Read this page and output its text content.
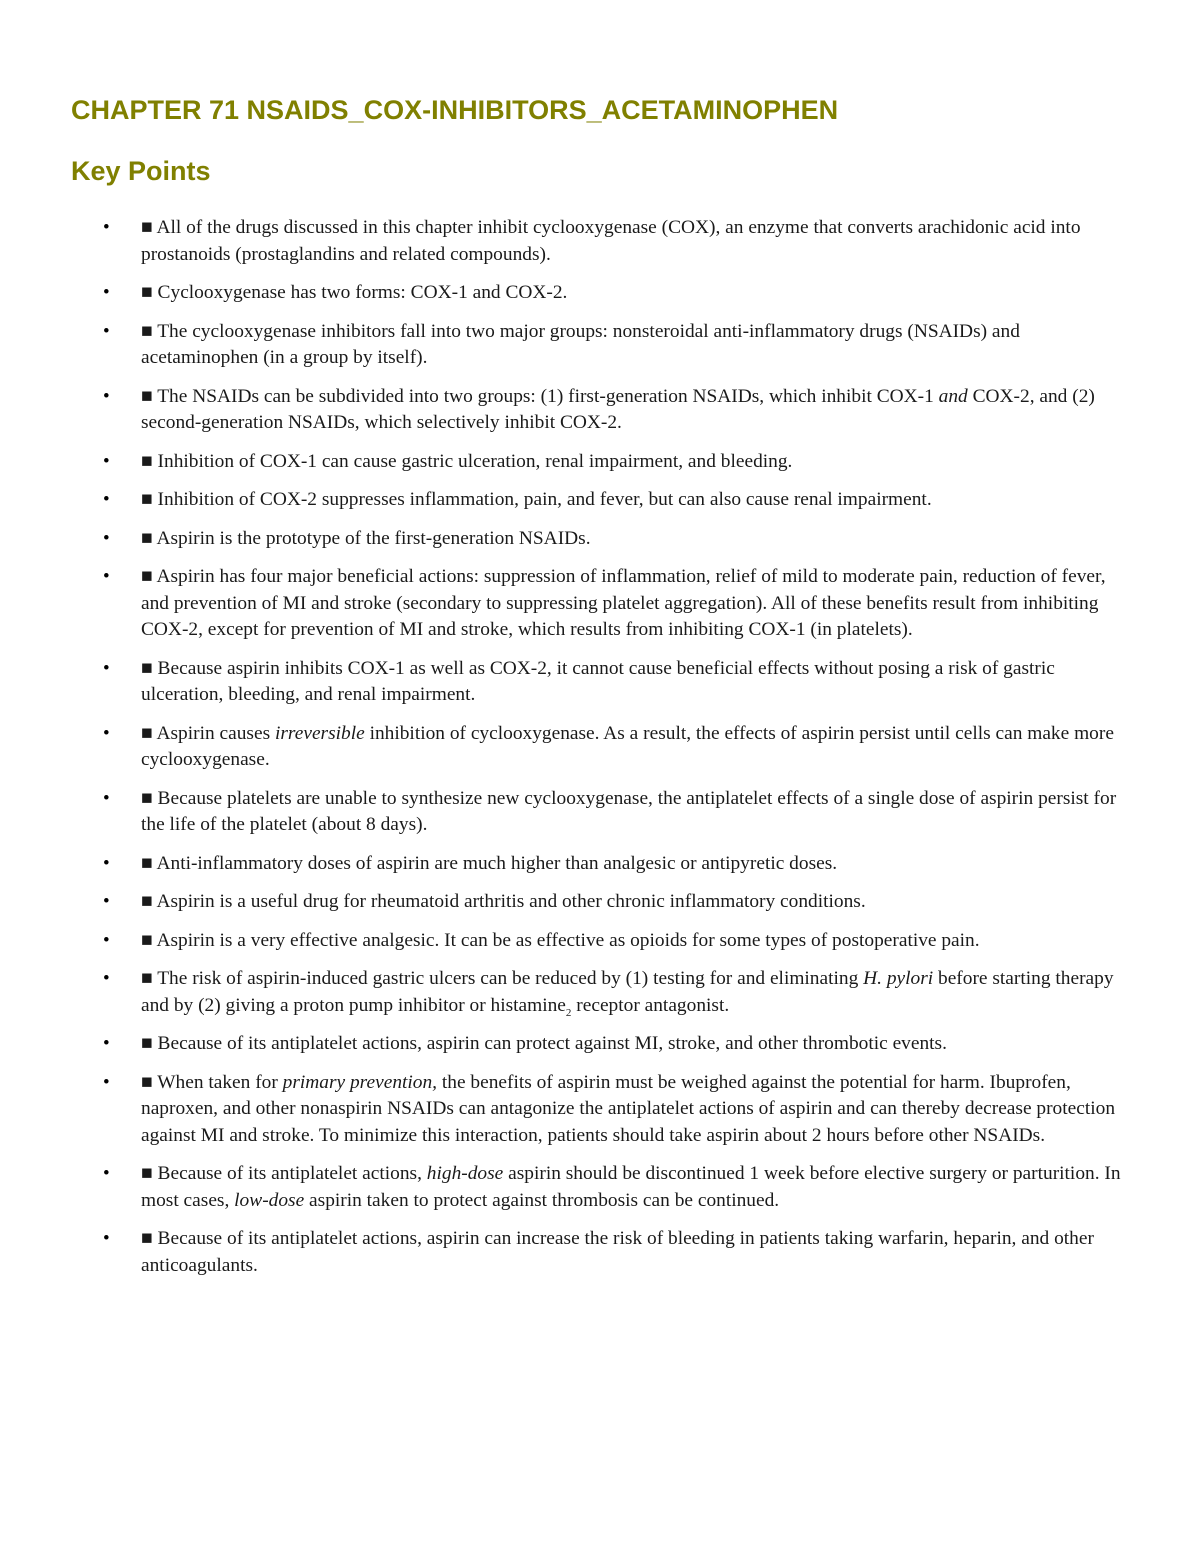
CHAPTER 71 NSAIDS_COX-INHIBITORS_ACETAMINOPHEN
Key Points
• ■ All of the drugs discussed in this chapter inhibit cyclooxygenase (COX), an enzyme that converts arachidonic acid into prostanoids (prostaglandins and related compounds).
• ■ Cyclooxygenase has two forms: COX-1 and COX-2.
• ■ The cyclooxygenase inhibitors fall into two major groups: nonsteroidal anti-inflammatory drugs (NSAIDs) and acetaminophen (in a group by itself).
• ■ The NSAIDs can be subdivided into two groups: (1) first-generation NSAIDs, which inhibit COX-1 and COX-2, and (2) second-generation NSAIDs, which selectively inhibit COX-2.
• ■ Inhibition of COX-1 can cause gastric ulceration, renal impairment, and bleeding.
• ■ Inhibition of COX-2 suppresses inflammation, pain, and fever, but can also cause renal impairment.
• ■ Aspirin is the prototype of the first-generation NSAIDs.
• ■ Aspirin has four major beneficial actions: suppression of inflammation, relief of mild to moderate pain, reduction of fever, and prevention of MI and stroke (secondary to suppressing platelet aggregation). All of these benefits result from inhibiting COX-2, except for prevention of MI and stroke, which results from inhibiting COX-1 (in platelets).
• ■ Because aspirin inhibits COX-1 as well as COX-2, it cannot cause beneficial effects without posing a risk of gastric ulceration, bleeding, and renal impairment.
• ■ Aspirin causes irreversible inhibition of cyclooxygenase. As a result, the effects of aspirin persist until cells can make more cyclooxygenase.
• ■ Because platelets are unable to synthesize new cyclooxygenase, the antiplatelet effects of a single dose of aspirin persist for the life of the platelet (about 8 days).
• ■ Anti-inflammatory doses of aspirin are much higher than analgesic or antipyretic doses.
• ■ Aspirin is a useful drug for rheumatoid arthritis and other chronic inflammatory conditions.
• ■ Aspirin is a very effective analgesic. It can be as effective as opioids for some types of postoperative pain.
• ■ The risk of aspirin-induced gastric ulcers can be reduced by (1) testing for and eliminating H. pylori before starting therapy and by (2) giving a proton pump inhibitor or histamine$_2$ receptor antagonist.
• ■ Because of its antiplatelet actions, aspirin can protect against MI, stroke, and other thrombotic events.
• ■ When taken for primary prevention, the benefits of aspirin must be weighed against the potential for harm. Ibuprofen, naproxen, and other nonaspirin NSAIDs can antagonize the antiplatelet actions of aspirin and can thereby decrease protection against MI and stroke. To minimize this interaction, patients should take aspirin about 2 hours before other NSAIDs.
• ■ Because of its antiplatelet actions, high-dose aspirin should be discontinued 1 week before elective surgery or parturition. In most cases, low-dose aspirin taken to protect against thrombosis can be continued.
• ■ Because of its antiplatelet actions, aspirin can increase the risk of bleeding in patients taking warfarin, heparin, and other anticoagulants.
